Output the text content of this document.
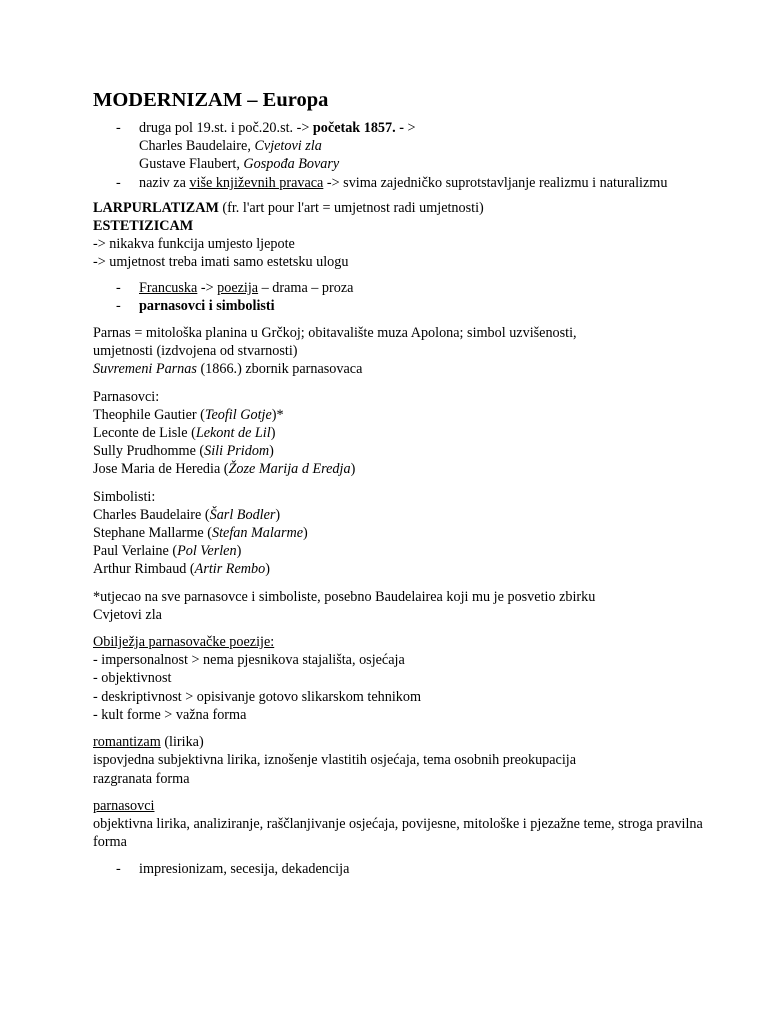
MODERNIZAM – Europa
- druga pol 19.st. i poč.20.st. -> početak 1857. - >
Charles Baudelaire, Cvjetovi zla
Gustave Flaubert, Gospođa Bovary
- naziv za više književnih pravaca -> svima zajedničko suprotstavljanje realizmu i naturalizmu

LARPURLATIZAM (fr. l'art pour l'art = umjetnost radi umjetnosti)
ESTETIZICAM
-> nikakva funkcija umjesto ljepote
-> umjetnost treba imati samo estetsku ulogu

- Francuska -> poezija – drama – proza
- parnasovci i simbolisti

Parnas = mitološka planina u Grčkoj; obitavalište muza Apolona; simbol uzvišenosti, umjetnosti (izdvojena od stvarnosti)
Suvremeni Parnas (1866.) zbornik parnasovaca

Parnasovci:
Theophile Gautier (Teofil Gotje)*
Leconte de Lisle (Lekont de Lil)
Sully Prudhomme (Sili Pridom)
Jose Maria de Heredia (Žoze Marija d Eredja)

Simbolisti:
Charles Baudelaire (Šarl Bodler)
Stephane Mallarme (Stefan Malarme)
Paul Verlaine (Pol Verlen)
Arthur Rimbaud (Artir Rembo)

*utjecao na sve parnasovce i simboliste, posebno Baudelairea koji mu je posvetio zbirku Cvjetovi zla

Obilježja parnasovačke poezije:
- impersonalnost > nema pjesnikova stajališta, osjećaja
- objektivnost
- deskriptivnost > opisivanje gotovo slikarskom tehnikom
- kult forme > važna forma

romantizam (lirika)
ispovjedna subjektivna lirika, iznošenje vlastitih osjećaja, tema osobnih preokupacija razgranata forma

parnasovci
objektivna lirika, analiziranje, raščlanjivanje osjećaja, povijesne, mitološke i pjezažne teme, stroga pravilna forma

- impresionizam, secesija, dekadencija
